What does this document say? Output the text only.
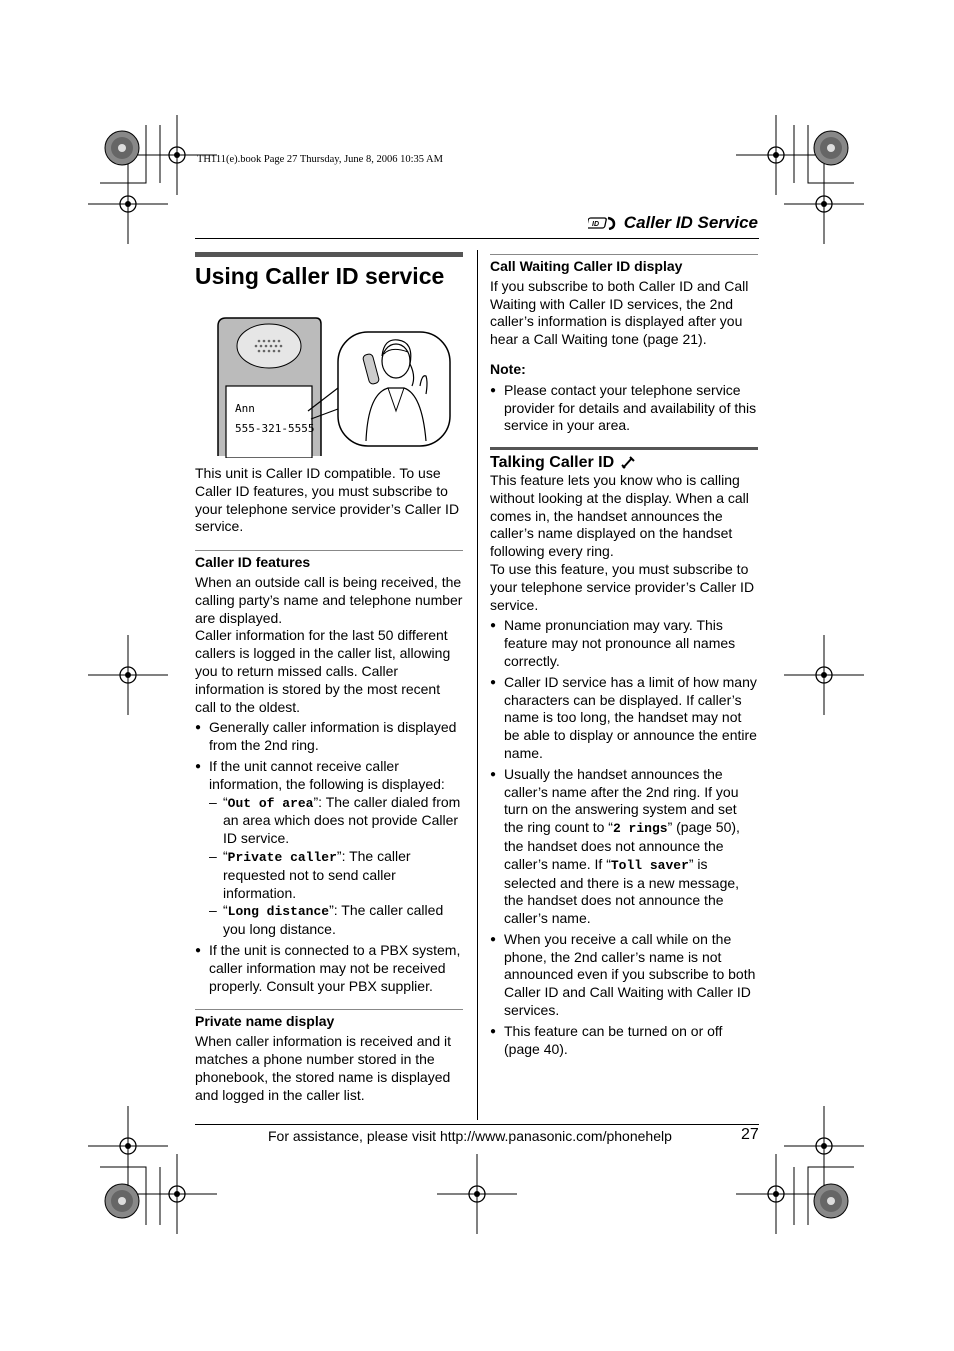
TH111(e).book Page 27 Thursday, June 8, 2006 10:35 AM
ID Caller ID Service
Using Caller ID service
Ann
555-321-5555

This unit is Caller ID compatible. To use Caller ID features, you must subscribe to your telephone service provider’s Caller ID service.

Caller ID features

When an outside call is being received, the calling party’s name and telephone number are displayed.

Caller information for the last 50 different callers is logged in the caller list, allowing you to return missed calls. Caller information is stored by the most recent call to the oldest.

● Generally caller information is displayed from the 2nd ring.
● If the unit cannot receive caller information, the following is displayed:
– “Out of area”: The caller dialed from an area which does not provide Caller ID service.
– “Private caller”: The caller requested not to send caller information.
– “Long distance”: The caller called you long distance.
● If the unit is connected to a PBX system, caller information may not be received properly. Consult your PBX supplier.
Private name display

When caller information is received and it matches a phone number stored in the phonebook, the stored name is displayed and logged in the caller list.

Call Waiting Caller ID display

If you subscribe to both Caller ID and Call Waiting with Caller ID services, the 2nd caller’s information is displayed after you hear a Call Waiting tone (page 21).

Note:
● Please contact your telephone service provider for details and availability of this service in your area.
Talking Caller ID

This feature lets you know who is calling without looking at the display. When a call comes in, the handset announces the caller’s name displayed on the handset following every ring.

To use this feature, you must subscribe to your telephone service provider’s Caller ID service.

● Name pronunciation may vary. This feature may not pronounce all names correctly.
● Caller ID service has a limit of how many characters can be displayed. If caller’s name is too long, the handset may not be able to display or announce the entire name.
● Usually the handset announces the caller’s name after the 2nd ring. If you turn on the answering system and set the ring count to “2 rings” (page 50), the handset does not announce the caller’s name. If “Toll saver” is selected and there is a new message, the handset does not announce the caller’s name.
● When you receive a call while on the phone, the 2nd caller’s name is not announced even if you subscribe to both Caller ID and Call Waiting with Caller ID services.
● This feature can be turned on or off (page 40).
For assistance, please visit http://www.panasonic.com/phonehelp	27
